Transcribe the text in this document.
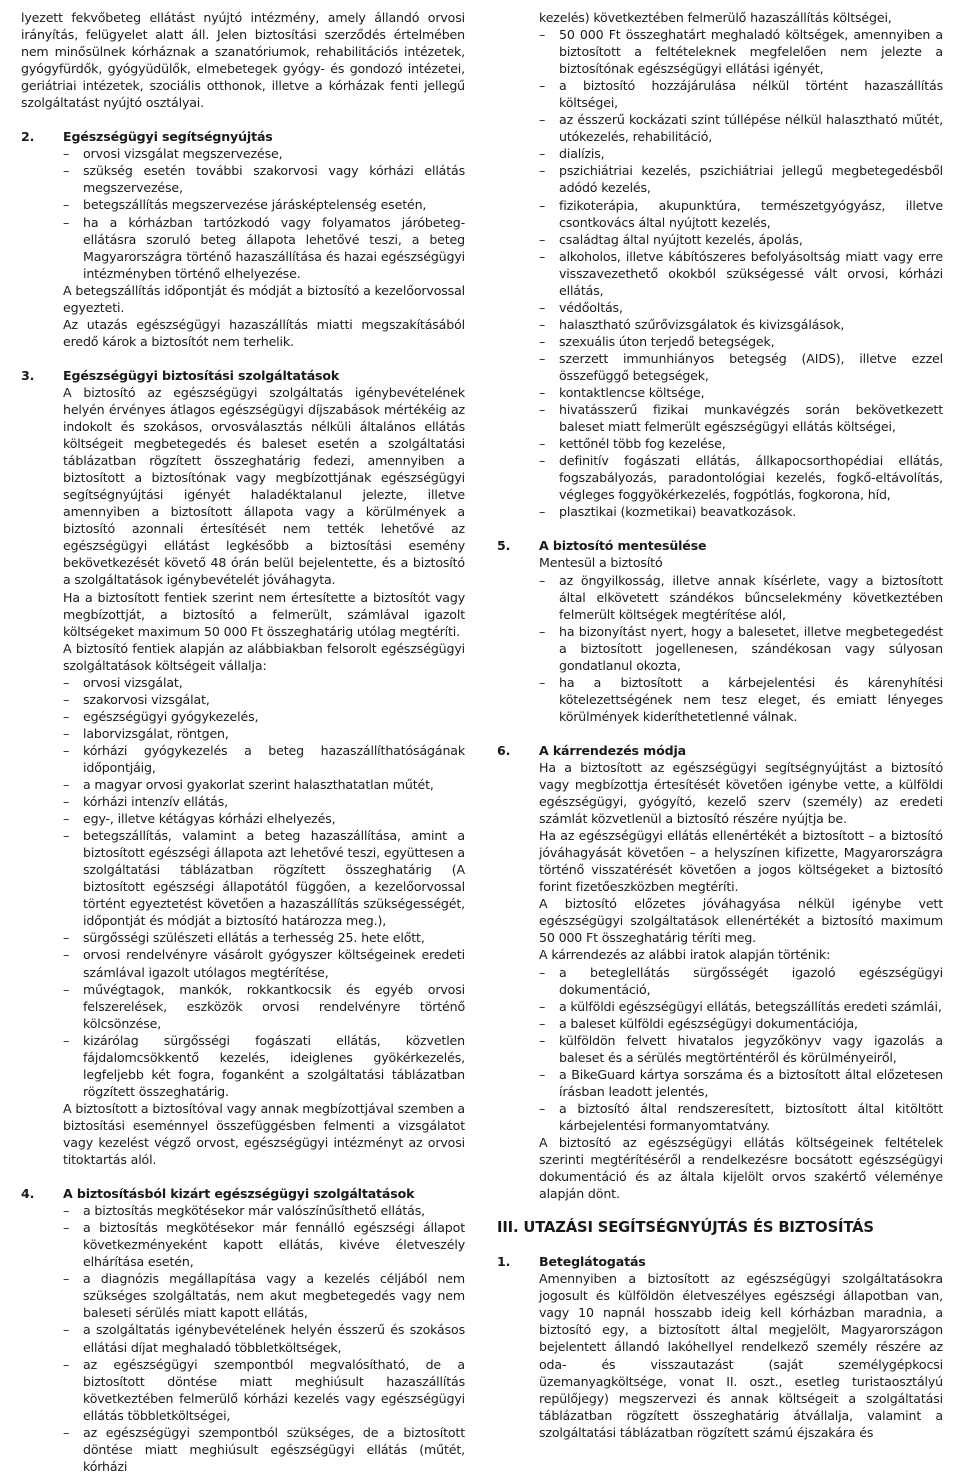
lyezett fekvőbeteg ellátást nyújtó intézmény, amely állandó orvosi irányítás, felügyelet alatt áll. Jelen biztosítási szerződés értelmében nem minősülnek kórháznak a szanatóriumok, rehabilitációs intézetek, gyógyfürdők, gyógyüdülők, elmebetegek gyógy- és gondozó intézetei, geriátriai intézetek, szociális otthonok, illetve a kórházak fenti jellegű szolgáltatást nyújtó osztályai.

2. Egészségügyi segítségnyújtás
– orvosi vizsgálat megszervezése,
– szükség esetén további szakorvosi vagy kórházi ellátás megszervezése,
– betegszállítás megszervezése járásképtelenség esetén,
– ha a kórházban tartózkodó vagy folyamatos járóbeteg-ellátásra szoruló beteg állapota lehetővé teszi, a beteg Magyarországra történő hazaszállítása és hazai egészségügyi intézményben történő elhelyezése.

A betegszállítás időpontját és módját a biztosító a kezelőorvossal egyezteti.

Az utazás egészségügyi hazaszállítás miatti megszakításából eredő károk a biztosítót nem terhelik.

3. Egészségügyi biztosítási szolgáltatások

A biztosító az egészségügyi szolgáltatás igénybevételének helyén érvényes átlagos egészségügyi díjszabások mértékéig az indokolt és szokásos, orvosválasztás nélküli általános ellátás költségeit megbetegedés és baleset esetén a szolgáltatási táblázatban rögzített összeghatárig fedezi, amennyiben a biztosított a biztosítónak vagy megbízottjának egészségügyi segítségnyújtási igényét haladéktalanul jelezte, illetve amennyiben a biztosított állapota vagy a körülmények a biztosító azonnali értesítését nem tették lehetővé az egészségügyi ellátást legkésőbb a biztosítási esemény bekövetkezését követő 48 órán belül bejelentette, és a biztosító a szolgáltatások igénybevételét jóváhagyta.

Ha a biztosított fentiek szerint nem értesítette a biztosítót vagy megbízottját, a biztosító a felmerült, számlával igazolt költségeket maximum 50 000 Ft összeghatárig utólag megtéríti.

A biztosító fentiek alapján az alábbiakban felsorolt egészségügyi szolgáltatások költségeit vállalja:

– orvosi vizsgálat,
– szakorvosi vizsgálat,
– egészségügyi gyógykezelés,
– laborvizsgálat, röntgen,
– kórházi gyógykezelés a beteg hazaszállíthatóságának időpontjáig,
– a magyar orvosi gyakorlat szerint halaszthatatlan műtét,
– kórházi intenzív ellátás,
– egy-, illetve kétágyas kórházi elhelyezés,
– betegszállítás, valamint a beteg hazaszállítása, amint a biztosított egészségi állapota azt lehetővé teszi, együttesen a szolgáltatási táblázatban rögzített összeghatárig (A biztosított egészségi állapotától függően, a kezelőorvossal történt egyeztetést követően a hazaszállítás szükségességét, időpontját és módját a biztosító határozza meg.),
– sürgősségi szülészeti ellátás a terhesség 25. hete előtt,
– orvosi rendelvényre vásárolt gyógyszer költségeinek eredeti számlával igazolt utólagos megtérítése,
– művégtagok, mankók, rokkantkocsik és egyéb orvosi felszerelések, eszközök orvosi rendelvényre történő kölcsönzése,
– kizárólag sürgősségi fogászati ellátás, közvetlen fájdalomcsökkentő kezelés, ideiglenes gyökérkezelés, legfeljebb két fogra, foganként a szolgáltatási táblázatban rögzített összeghatárig.

A biztosított a biztosítóval vagy annak megbízottjával szemben a biztosítási eseménnyel összefüggésben felmenti a vizsgálatot vagy kezelést végző orvost, egészségügyi intézményt az orvosi titoktartás alól.

4. A biztosításból kizárt egészségügyi szolgáltatások
– a biztosítás megkötésekor már valószínűsíthető ellátás,
– a biztosítás megkötésekor már fennálló egészségi állapot következményeként kapott ellátás, kivéve életveszély elhárítása esetén,
– a diagnózis megállapítása vagy a kezelés céljából nem szükséges szolgáltatás, nem akut megbetegedés vagy nem baleseti sérülés miatt kapott ellátás,
– a szolgáltatás igénybevételének helyén ésszerű és szokásos ellátási díjat meghaladó többletköltségek,
– az egészségügyi szempontból megvalósítható, de a biztosított döntése miatt meghiúsult hazaszállítás következtében felmerülő kórházi kezelés vagy egészségügyi ellátás többletköltségei,
– az egészségügyi szempontból szükséges, de a biztosított döntése miatt meghiúsult egészségügyi ellátás (műtét, kórházi

kezelés) következtében felmerülő hazaszállítás költségei,

– 50 000 Ft összeghatárt meghaladó költségek, amennyiben a biztosított a feltételeknek megfelelően nem jelezte a biztosítónak egészségügyi ellátási igényét,
– a biztosító hozzájárulása nélkül történt hazaszállítás költségei,
– az ésszerű kockázati szint túllépése nélkül halasztható műtét, utókezelés, rehabilitáció,
– dialízis,
– pszichiátriai kezelés, pszichiátriai jellegű megbetegedésből adódó kezelés,
– fizikoterápia, akupunktúra, természetgyógyász, illetve csontkovács által nyújtott kezelés,
– családtag által nyújtott kezelés, ápolás,
– alkoholos, illetve kábítószeres befolyásoltság miatt vagy erre visszavezethető okokból szükségessé vált orvosi, kórházi ellátás,
– védőoltás,
– halasztható szűrővizsgálatok és kivizsgálások,
– szexuális úton terjedő betegségek,
– szerzett immunhiányos betegség (AIDS), illetve ezzel összefüggő betegségek,
– kontaktlencse költsége,
– hivatásszerű fizikai munkavégzés során bekövetkezett baleset miatt felmerült egészségügyi ellátás költségei,
– kettőnél több fog kezelése,
– definitív fogászati ellátás, állkapocsorthopédiai ellátás, fogszabályozás, paradontológiai kezelés, fogkő-eltávolítás, végleges foggyökérkezelés, fogpótlás, fogkorona, híd,
– plasztikai (kozmetikai) beavatkozások.
5. A biztosító mentesülése

Mentesül a biztosító

– az öngyilkosság, illetve annak kísérlete, vagy a biztosított által elkövetett szándékos bűncselekmény következtében felmerült költségek megtérítése alól,
– ha bizonyítást nyert, hogy a balesetet, illetve megbetegedést a biztosított jogellenesen, szándékosan vagy súlyosan gondatlanul okozta,
– ha a biztosított a kárbejelentési és kárenyhítési kötelezettségének nem tesz eleget, és emiatt lényeges körülmények kideríthetetlenné válnak.
6. A kárrendezés módja

Ha a biztosított az egészségügyi segítségnyújtást a biztosító vagy megbízottja értesítését követően igénybe vette, a külföldi egészségügyi, gyógyító, kezelő szerv (személy) az eredeti számlát közvetlenül a biztosító részére nyújtja be.

Ha az egészségügyi ellátás ellenértékét a biztosított – a biztosító jóváhagyását követően – a helyszínen kifizette, Magyarországra történő visszatérését követően a jogos költségeket a biztosító forint fizetőeszközben megtéríti.

A biztosító előzetes jóváhagyása nélkül igénybe vett egészségügyi szolgáltatások ellenértékét a biztosító maximum 50 000 Ft összeghatárig téríti meg.

A kárrendezés az alábbi iratok alapján történik:

– a beteglellátás sürgősségét igazoló egészségügyi dokumentáció,
– a külföldi egészségügyi ellátás, betegszállítás eredeti számlái,
– a baleset külföldi egészségügyi dokumentációja,
– külföldön felvett hivatalos jegyzőkönyv vagy igazolás a baleset és a sérülés megtörténtéről és körülményeiről,
– a BikeGuard kártya sorszáma és a biztosított által előzetesen írásban leadott jelentés,
– a biztosító által rendszeresített, biztosított által kitöltött kárbejelentési formanyomtatvány.

A biztosító az egészségügyi ellátás költségeinek feltételek szerinti megtérítéséről a rendelkezésre bocsátott egészségügyi dokumentáció és az általa kijelölt orvos szakértő véleménye alapján dönt.

III. UTAZÁSI SEGÍTSÉGNYÚJTÁS ÉS BIZTOSÍTÁS
1. Beteglátogatás

Amennyiben a biztosított az egészségügyi szolgáltatásokra jogosult és külföldön életveszélyes egészségi állapotban van, vagy 10 napnál hosszabb ideig kell kórházban maradnia, a biztosító egy, a biztosított által megjelölt, Magyarországon bejelentett állandó lakóhellyel rendelkező személy részére az oda- és visszautazást (saját személygépkocsi üzemanyagköltsége, vonat II. oszt., esetleg turistaosztályú repülőjegy) megszervezi és annak költségeit a szolgáltatási táblázatban rögzített összeghatárig átvállalja, valamint a szolgáltatási táblázatban rögzített számú éjszakára és
